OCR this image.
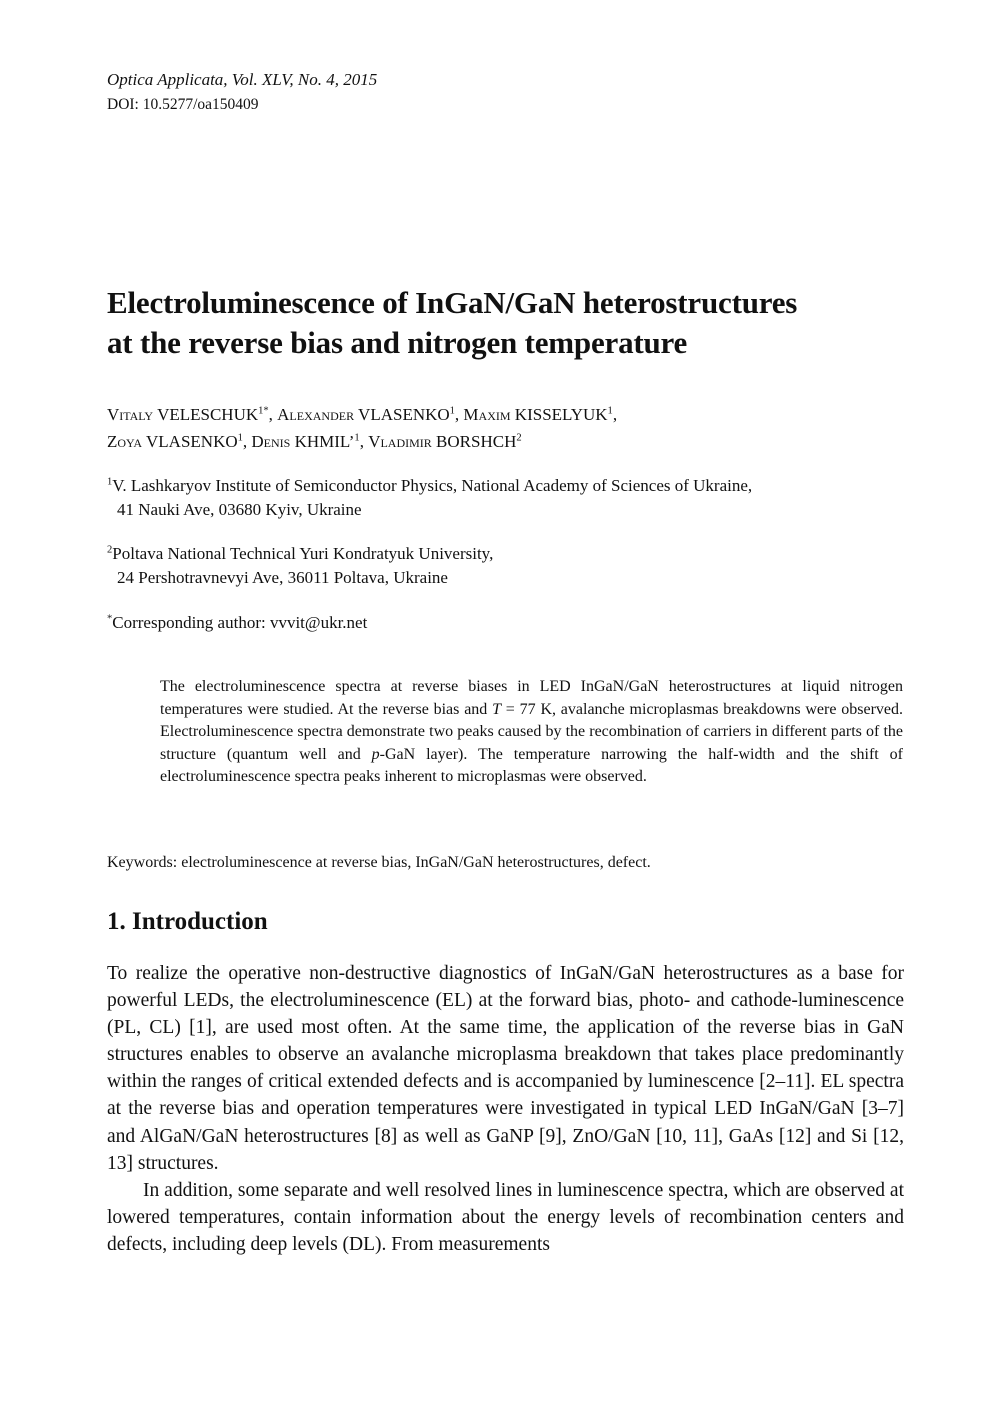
Optica Applicata, Vol. XLV, No. 4, 2015
DOI: 10.5277/oa150409
Electroluminescence of InGaN/GaN heterostructures
at the reverse bias and nitrogen temperature
Vitaly $VELESCHUK^{1*}$, Alexander VLASENKO$^1$, Maxim KISSELYUK$^1$,
Zoya VLASENKO$^1$, Denis KHMIL’$^1$, Vladimir BORSHCH$^2$
$^1$V. Lashkaryov Institute of Semiconductor Physics, National Academy of Sciences of Ukraine,
41 Nauki Ave, 03680 Kyiv, Ukraine
$^2$Poltava National Technical Yuri Kondratyuk University,
24 Pershotravnevyi Ave, 36011 Poltava, Ukraine
*Corresponding author: vvvit@ukr.net
The electroluminescence spectra at reverse biases in LED InGaN/GaN heterostructures at liquid nitrogen temperatures were studied. At the reverse bias and T = 77 K, avalanche microplasmas breakdowns were observed. Electroluminescence spectra demonstrate two peaks caused by the recombination of carriers in different parts of the structure (quantum well and p-GaN layer). The temperature narrowing the half-width and the shift of electroluminescence spectra peaks inherent to microplasmas were observed.
Keywords: electroluminescence at reverse bias, InGaN/GaN heterostructures, defect.
1. Introduction

To realize the operative non-destructive diagnostics of InGaN/GaN heterostructures as a base for powerful LEDs, the electroluminescence (EL) at the forward bias, photo- and cathode-luminescence (PL, CL) [1], are used most often. At the same time, the application of the reverse bias in GaN structures enables to observe an avalanche microplasma breakdown that takes place predominantly within the ranges of critical extended defects and is accompanied by luminescence [2–11]. EL spectra at the reverse bias and operation temperatures were investigated in typical LED InGaN/GaN [3–7] and AlGaN/GaN heterostructures [8] as well as GaNP [9], ZnO/GaN [10, 11], GaAs [12] and Si [12, 13] structures.

In addition, some separate and well resolved lines in luminescence spectra, which are observed at lowered temperatures, contain information about the energy levels of recombination centers and defects, including deep levels (DL). From measurements
